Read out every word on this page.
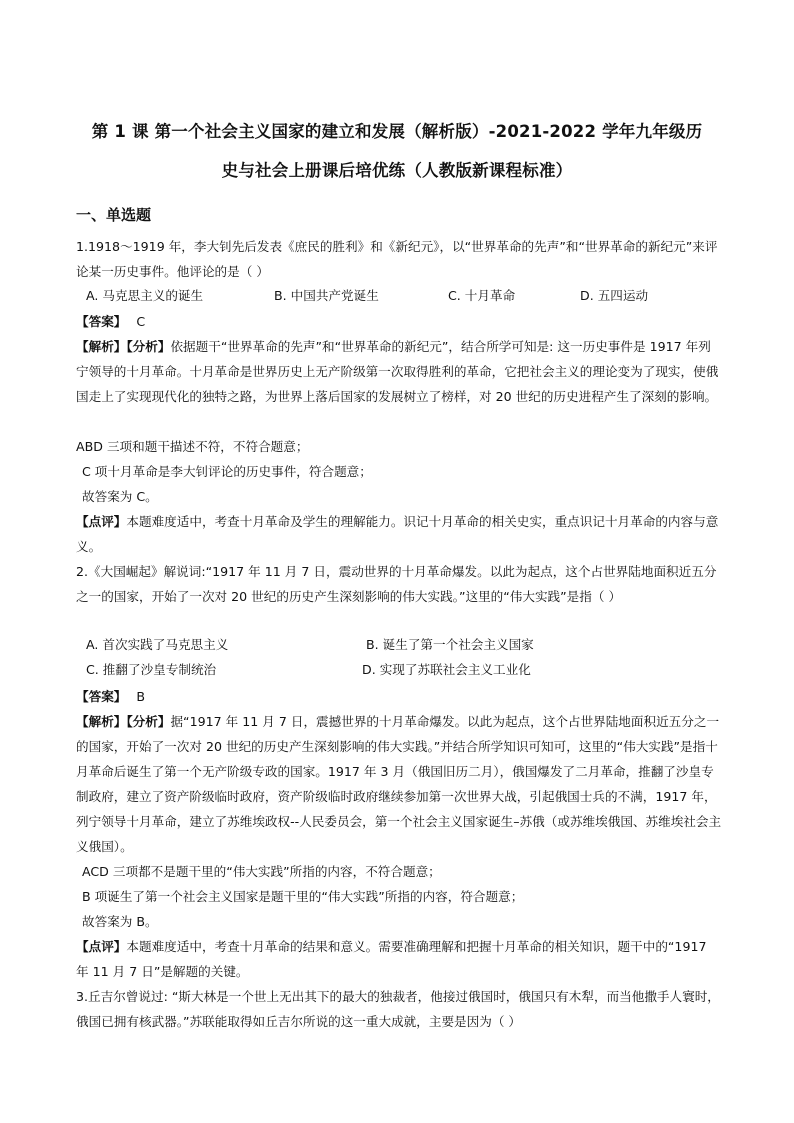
第 1 课 第一个社会主义国家的建立和发展（解析版）-2021-2022 学年九年级历
史与社会上册课后培优练（人教版新课程标准）
一、单选题
1.1918～1919 年，李大钊先后发表《庶民的胜利》和《新纪元》，以“世界革命的先声”和“世界革命的新纪元”来评论某一历史事件。他评论的是（ ）
A. 马克思主义的诞生	B. 中国共产党诞生	C. 十月革命	D. 五四运动
【答案】 C
【解析】【分析】依据题干“世界革命的先声”和“世界革命的新纪元”，结合所学可知是: 这一历史事件是 1917 年列宁领导的十月革命。十月革命是世界历史上无产阶级第一次取得胜利的革命，它把社会主义的理论变为了现实，使俄国走上了实现现代化的独特之路，为世界上落后国家的发展树立了榜样，对 20 世纪的历史进程产生了深刻的影响。
ABD 三项和题干描述不符，不符合题意；
C 项十月革命是李大钊评论的历史事件，符合题意；
故答案为 C。
【点评】本题难度适中，考查十月革命及学生的理解能力。识记十月革命的相关史实，重点识记十月革命的内容与意义。
2.《大国崛起》解说词:“1917 年 11 月 7 日，震动世界的十月革命爆发。以此为起点，这个占世界陆地面积近五分之一的国家，开始了一次对 20 世纪的历史产生深刻影响的伟大实践。”这里的“伟大实践”是指（ ）
A. 首次实践了马克思主义	B. 诞生了第一个社会主义国家
C. 推翻了沙皇专制统治	D. 实现了苏联社会主义工业化
【答案】 B
【解析】【分析】据“1917 年 11 月 7 日，震撼世界的十月革命爆发。以此为起点，这个占世界陆地面积近五分之一的国家，开始了一次对 20 世纪的历史产生深刻影响的伟大实践。”并结合所学知识可知可，这里的“伟大实践”是指十月革命后诞生了第一个无产阶级专政的国家。1917 年 3 月（俄国旧历二月），俄国爆发了二月革命，推翻了沙皇专制政府，建立了资产阶级临时政府，资产阶级临时政府继续参加第一次世界大战，引起俄国士兵的不满，1917 年，列宁领导十月革命，建立了苏维埃政权--人民委员会，第一个社会主义国家诞生–苏俄（或苏维埃俄国、苏维埃社会主义俄国）。
ACD 三项都不是题干里的“伟大实践”所指的内容，不符合题意；
B 项诞生了第一个社会主义国家是题干里的“伟大实践”所指的内容，符合题意；
故答案为 B。
【点评】本题难度适中，考查十月革命的结果和意义。需要准确理解和把握十月革命的相关知识，题干中的“1917 年 11 月 7 日”是解题的关键。
3.丘吉尔曾说过: “斯大林是一个世上无出其下的最大的独裁者，他接过俄国时，俄国只有木犁，而当他撒手人寰时，俄国已拥有核武器。”苏联能取得如丘吉尔所说的这一重大成就，主要是因为（ ）
